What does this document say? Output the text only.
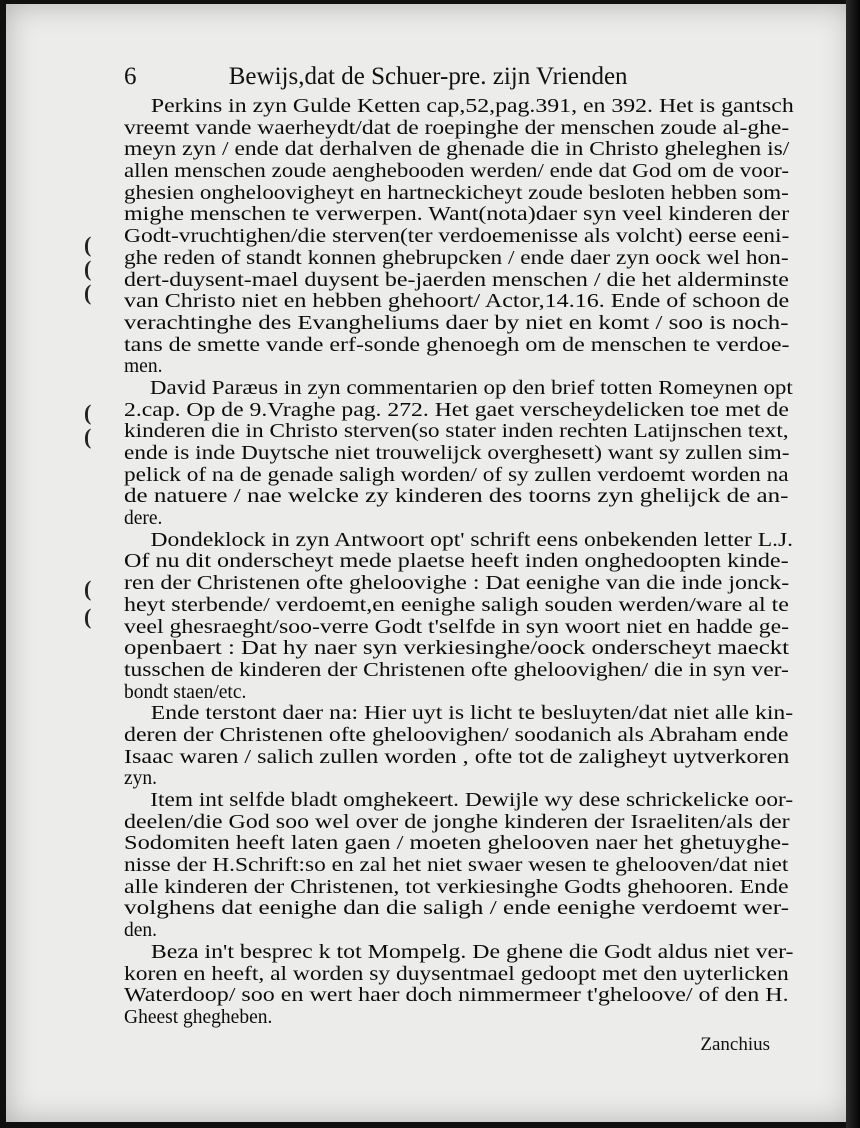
6	Bewijs,dat de Schuer-pre. zijn Vrienden
Perkins in zyn Gulde Ketten cap,52,pag.391, en 392. Het is gantsch
vreemt vande waerheydt/dat de roepinghe der menschen zoude al-ghe-
meyn zyn / ende dat derhalven de ghenade die in Christo gheleghen is/
allen menschen zoude aenghebooden werden/ ende dat God om de voor-
ghesien ongheloovigheyt en hartneckicheyt zoude besloten hebben som-
mighe menschen te verwerpen. Want(nota)daer syn veel kinderen der
Godt-vruchtighen/die sterven(ter verdoemenisse als volcht) eerse eeni-
ghe reden of standt konnen ghebrupcken / ende daer zyn oock wel hon-
dert-duysent-mael duysent be-jaerden menschen / die het alderminste
van Christo niet en hebben ghehoort/ Actor,14.16. Ende of schoon de
verachtinghe des Evangheliums daer by niet en komt / soo is noch-
tans de smette vande erf-sonde ghenoegh om de menschen te verdoe-
men.
David Paræus in zyn commentarien op den brief totten Romeynen opt
2.cap. Op de 9.Vraghe pag. 272. Het gaet verscheydelicken toe met de
kinderen die in Christo sterven(so stater inden rechten Latijnschen text,
ende is inde Duytsche niet trouwelijck overghesett) want sy zullen sim-
pelick of na de genade saligh worden/ of sy zullen verdoemt worden na
de natuere / nae welcke zy kinderen des toorns zyn ghelijck de an-
dere.
Dondeklock in zyn Antwoort opt' schrift eens onbekenden letter L.J.
Of nu dit onderscheyt mede plaetse heeft inden onghedoopten kinde-
ren der Christenen ofte gheloovighe : Dat eenighe van die inde jonck-
heyt sterbende/ verdoemt,en eenighe saligh souden werden/ware al te
veel ghesraeght/soo-verre Godt t'selfde in syn woort niet en hadde ge-
openbaert : Dat hy naer syn verkiesinghe/oock onderscheyt maeckt
tusschen de kinderen der Christenen ofte gheloovighen/ die in syn ver-
bondt staen/etc.
Ende terstont daer na: Hier uyt is licht te besluyten/dat niet alle kin-
deren der Christenen ofte gheloovighen/ soodanich als Abraham ende
Isaac waren / salich zullen worden , ofte tot de zaligheyt uytverkoren
zyn.
Item int selfde bladt omghekeert. Dewijle wy dese schrickelicke oor-
deelen/die God soo wel over de jonghe kinderen der Israeliten/als der
Sodomiten heeft laten gaen / moeten ghelooven naer het ghetuyghe-
nisse der H.Schrift:so en zal het niet swaer wesen te ghelooven/dat niet
alle kinderen der Christenen, tot verkiesinghe Godts ghehooren. Ende
volghens dat eenighe dan die saligh / ende eenighe verdoemt wer-
den.
Beza in't besprec k tot Mompelg. De ghene die Godt aldus niet ver-
koren en heeft, al worden sy duysentmael gedoopt met den uyterlicken
Waterdoop/ soo en wert haer doch nimmermeer t'gheloove/ of den H.
Gheest ghegheben.
(
(
(
(
(
(
(
Zanchius
